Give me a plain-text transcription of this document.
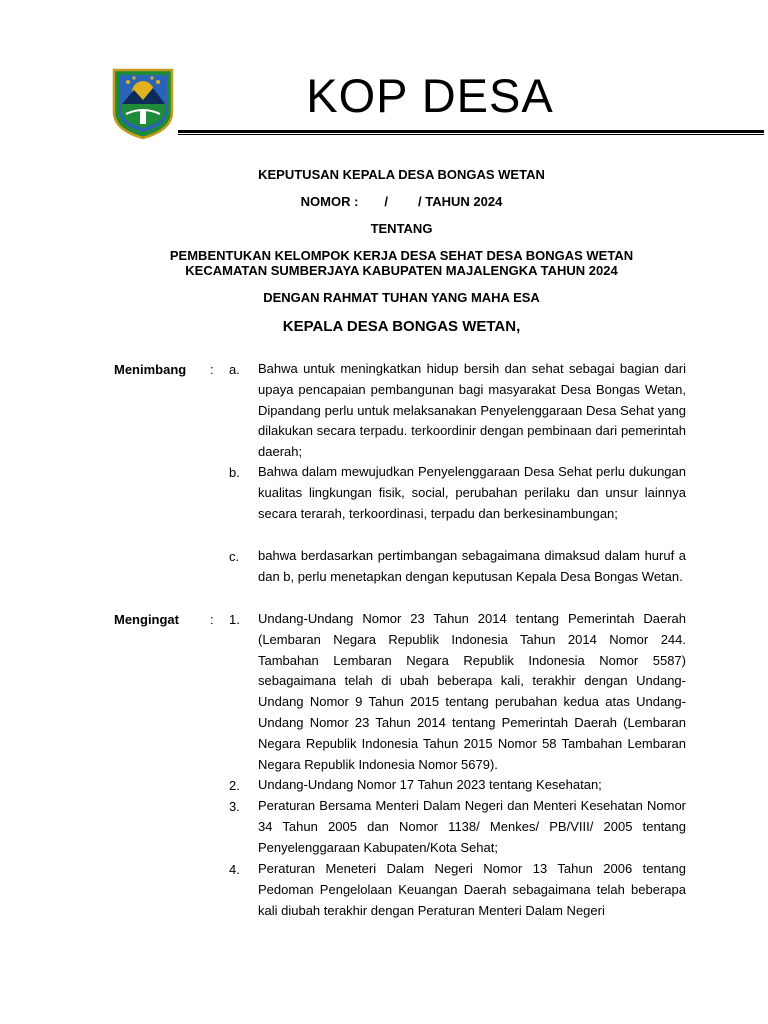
KOP DESA
KEPUTUSAN KEPALA DESA BONGAS WETAN
NOMOR : / / TAHUN 2024
TENTANG
PEMBENTUKAN KELOMPOK KERJA DESA SEHAT DESA BONGAS WETAN
KECAMATAN SUMBERJAYA KABUPATEN MAJALENGKA TAHUN 2024
DENGAN RAHMAT TUHAN YANG MAHA ESA
KEPALA DESA BONGAS WETAN,
Menimbang : a. Bahwa untuk meningkatkan hidup bersih dan sehat sebagai bagian dari upaya pencapaian pembangunan bagi masyarakat Desa Bongas Wetan, Dipandang perlu untuk melaksanakan Penyelenggaraan Desa Sehat yang dilakukan secara terpadu. terkoordinir dengan pembinaan dari pemerintah daerah;
b. Bahwa dalam mewujudkan Penyelenggaraan Desa Sehat perlu dukungan kualitas lingkungan fisik, social, perubahan perilaku dan unsur lainnya secara terarah, terkoordinasi, terpadu dan berkesinambungan;
c. bahwa berdasarkan pertimbangan sebagaimana dimaksud dalam huruf a dan b, perlu menetapkan dengan keputusan Kepala Desa Bongas Wetan.
Mengingat : 1. Undang-Undang Nomor 23 Tahun 2014 tentang Pemerintah Daerah (Lembaran Negara Republik Indonesia Tahun 2014 Nomor 244. Tambahan Lembaran Negara Republik Indonesia Nomor 5587) sebagaimana telah di ubah beberapa kali, terakhir dengan Undang-Undang Nomor 9 Tahun 2015 tentang perubahan kedua atas Undang-Undang Nomor 23 Tahun 2014 tentang Pemerintah Daerah (Lembaran Negara Republik Indonesia Tahun 2015 Nomor 58 Tambahan Lembaran Negara Republik Indonesia Nomor 5679).
2. Undang-Undang Nomor 17 Tahun 2023 tentang Kesehatan;
3. Peraturan Bersama Menteri Dalam Negeri dan Menteri Kesehatan Nomor 34 Tahun 2005 dan Nomor 1138/ Menkes/ PB/VIII/ 2005 tentang Penyelenggaraan Kabupaten/Kota Sehat;
4. Peraturan Meneteri Dalam Negeri Nomor 13 Tahun 2006 tentang Pedoman Pengelolaan Keuangan Daerah sebagaimana telah beberapa kali diubah terakhir dengan Peraturan Menteri Dalam Negeri
